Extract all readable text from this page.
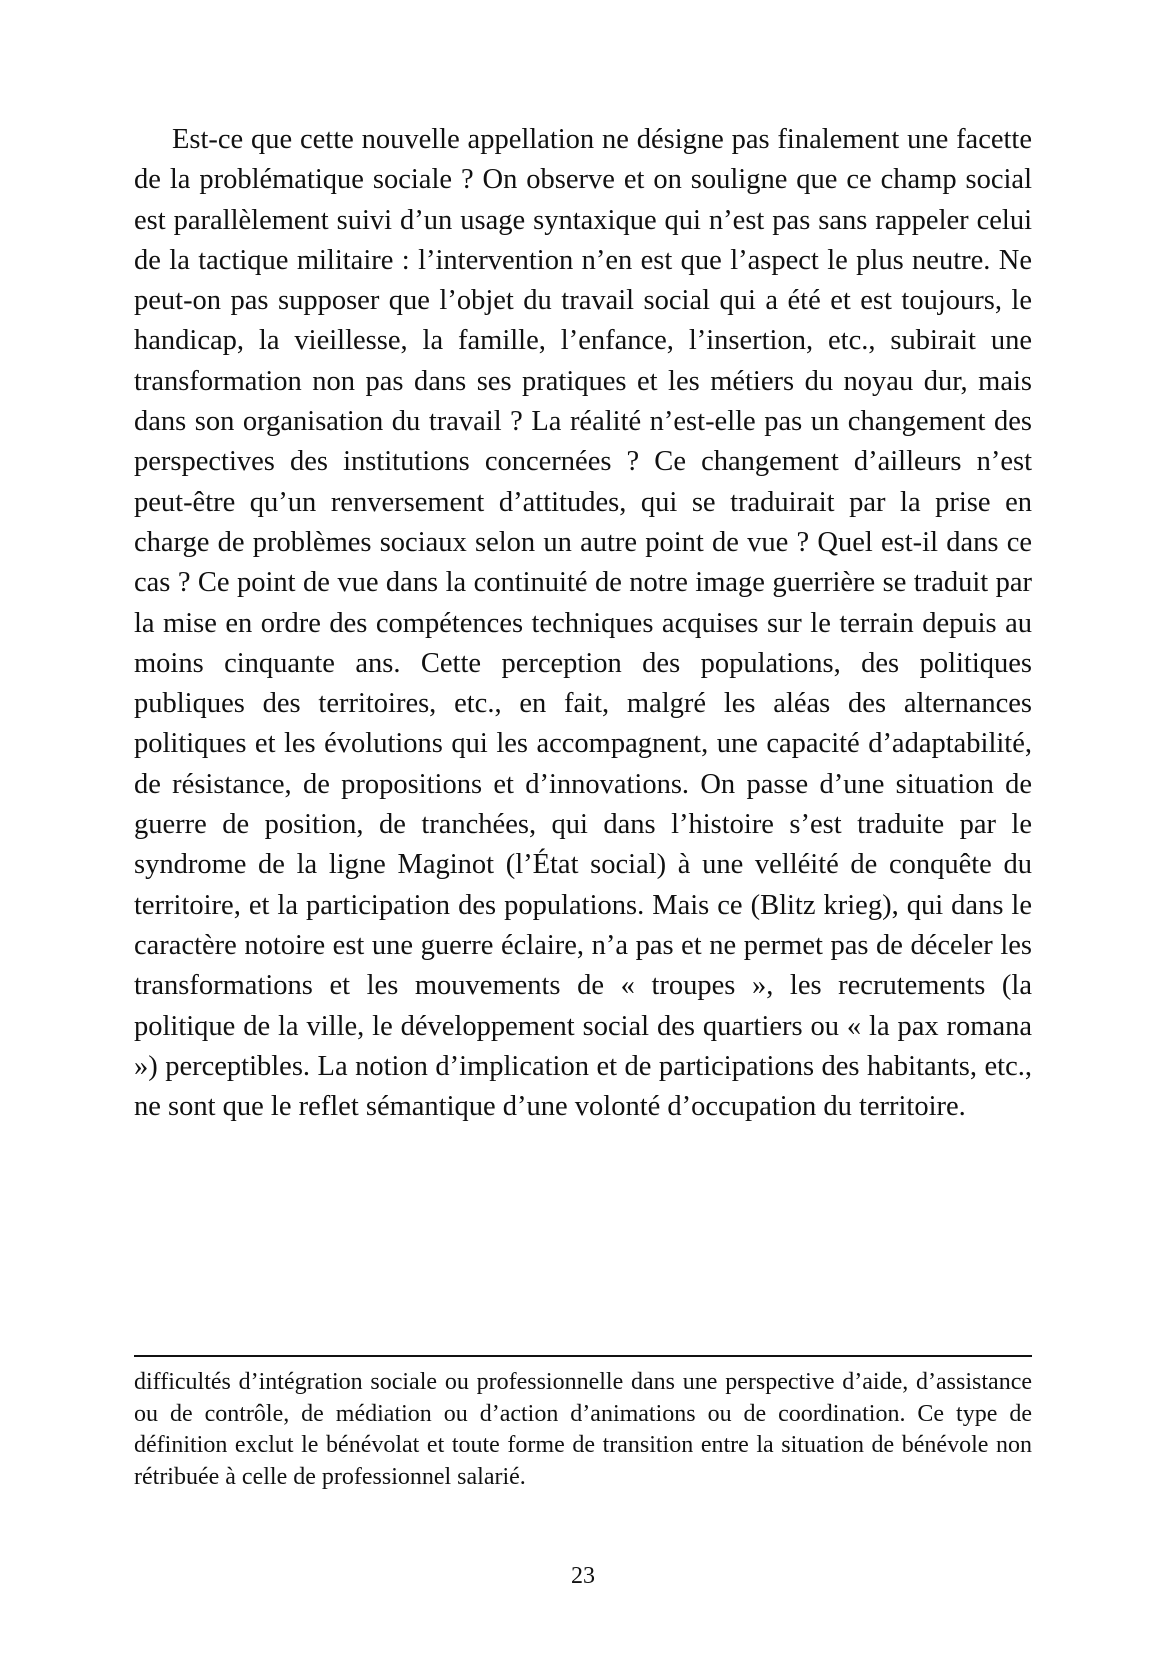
Est-ce que cette nouvelle appellation ne désigne pas finalement une facette de la problématique sociale ? On observe et on souligne que ce champ social est parallèlement suivi d’un usage syntaxique qui n’est pas sans rappeler celui de la tactique militaire : l’intervention n’en est que l’aspect le plus neutre. Ne peut-on pas supposer que l’objet du travail social qui a été et est toujours, le handicap, la vieillesse, la famille, l’enfance, l’insertion, etc., subirait une transformation non pas dans ses pratiques et les métiers du noyau dur, mais dans son organisation du travail ? La réalité n’est-elle pas un changement des perspectives des institutions concernées ? Ce changement d’ailleurs n’est peut-être qu’un renversement d’attitudes, qui se traduirait par la prise en charge de problèmes sociaux selon un autre point de vue ? Quel est-il dans ce cas ? Ce point de vue dans la continuité de notre image guerrière se traduit par la mise en ordre des compétences techniques acquises sur le terrain depuis au moins cinquante ans. Cette perception des populations, des politiques publiques des territoires, etc., en fait, malgré les aléas des alternances politiques et les évolutions qui les accompagnent, une capacité d’adaptabilité, de résistance, de propositions et d’innovations. On passe d’une situation de guerre de position, de tranchées, qui dans l’histoire s’est traduite par le syndrome de la ligne Maginot (l’État social) à une velléité de conquête du territoire, et la participation des populations. Mais ce (Blitz krieg), qui dans le caractère notoire est une guerre éclaire, n’a pas et ne permet pas de déceler les transformations et les mouvements de « troupes », les recrutements (la politique de la ville, le développement social des quartiers ou « la pax romana ») perceptibles. La notion d’implication et de participations des habitants, etc., ne sont que le reflet sémantique d’une volonté d’occupation du territoire.

difficultés d’intégration sociale ou professionnelle dans une perspective d’aide, d’assistance ou de contrôle, de médiation ou d’action d’animations ou de coordination. Ce type de définition exclut le bénévolat et toute forme de transition entre la situation de bénévole non rétribuée à celle de professionnel salarié.

23
